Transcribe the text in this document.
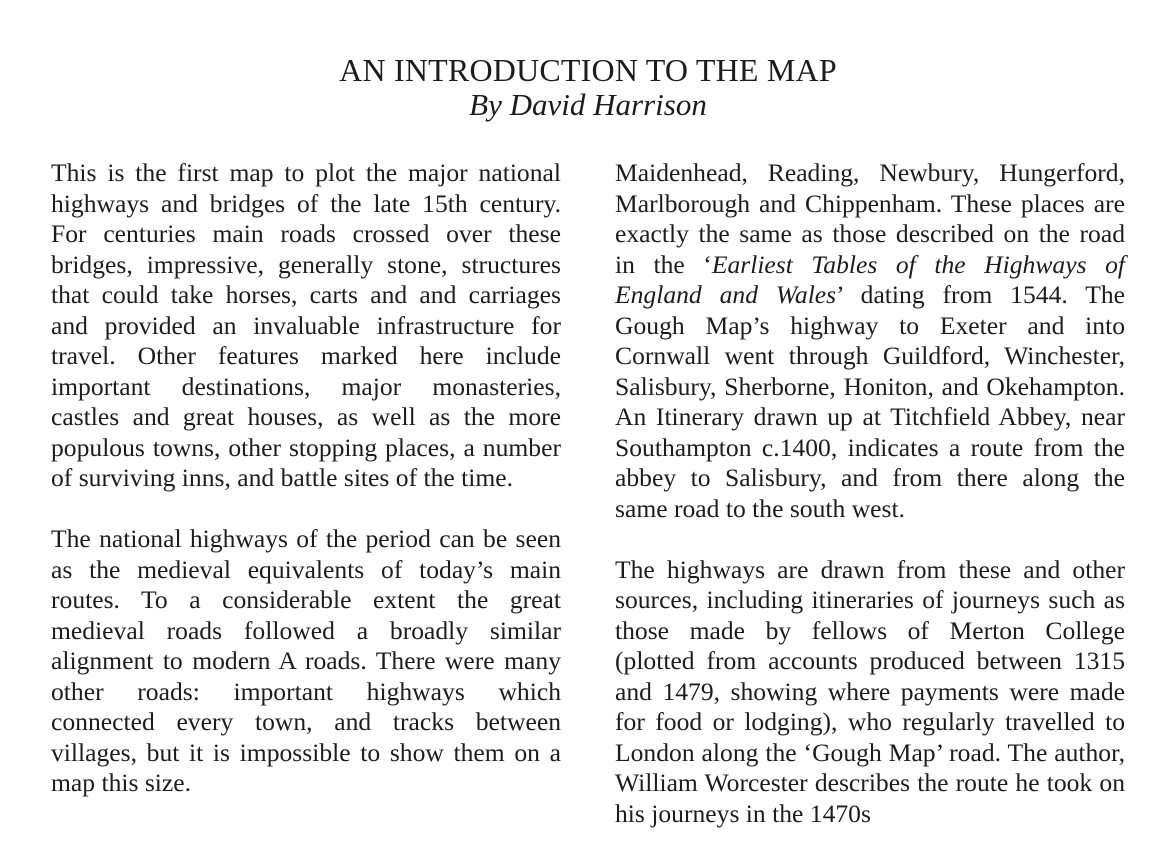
AN INTRODUCTION TO THE MAP
By David Harrison

This is the first map to plot the major national highways and bridges of the late 15th century. For centuries main roads crossed over these bridges, impressive, generally stone, structures that could take horses, carts and and carriages and provided an invaluable infrastructure for travel. Other features marked here include important destinations, major monasteries, castles and great houses, as well as the more populous towns, other stopping places, a number of surviving inns, and battle sites of the time.

The national highways of the period can be seen as the medieval equivalents of today’s main routes. To a considerable extent the great medieval roads followed a broadly similar alignment to modern A roads. There were many other roads: important highways which connected every town, and tracks between villages, but it is impossible to show them on a map this size.

Maidenhead, Reading, Newbury, Hungerford, Marlborough and Chippenham. These places are exactly the same as those described on the road in the ‘Earliest Tables of the Highways of England and Wales’ dating from 1544. The Gough Map’s highway to Exeter and into Cornwall went through Guildford, Winchester, Salisbury, Sherborne, Honiton, and Okehampton. An Itinerary drawn up at Titchfield Abbey, near Southampton c.1400, indicates a route from the abbey to Salisbury, and from there along the same road to the south west.

The highways are drawn from these and other sources, including itineraries of journeys such as those made by fellows of Merton College (plotted from accounts produced between 1315 and 1479, showing where payments were made for food or lodging), who regularly travelled to London along the ‘Gough Map’ road. The author, William Worcester describes the route he took on his journeys in the 1470s
